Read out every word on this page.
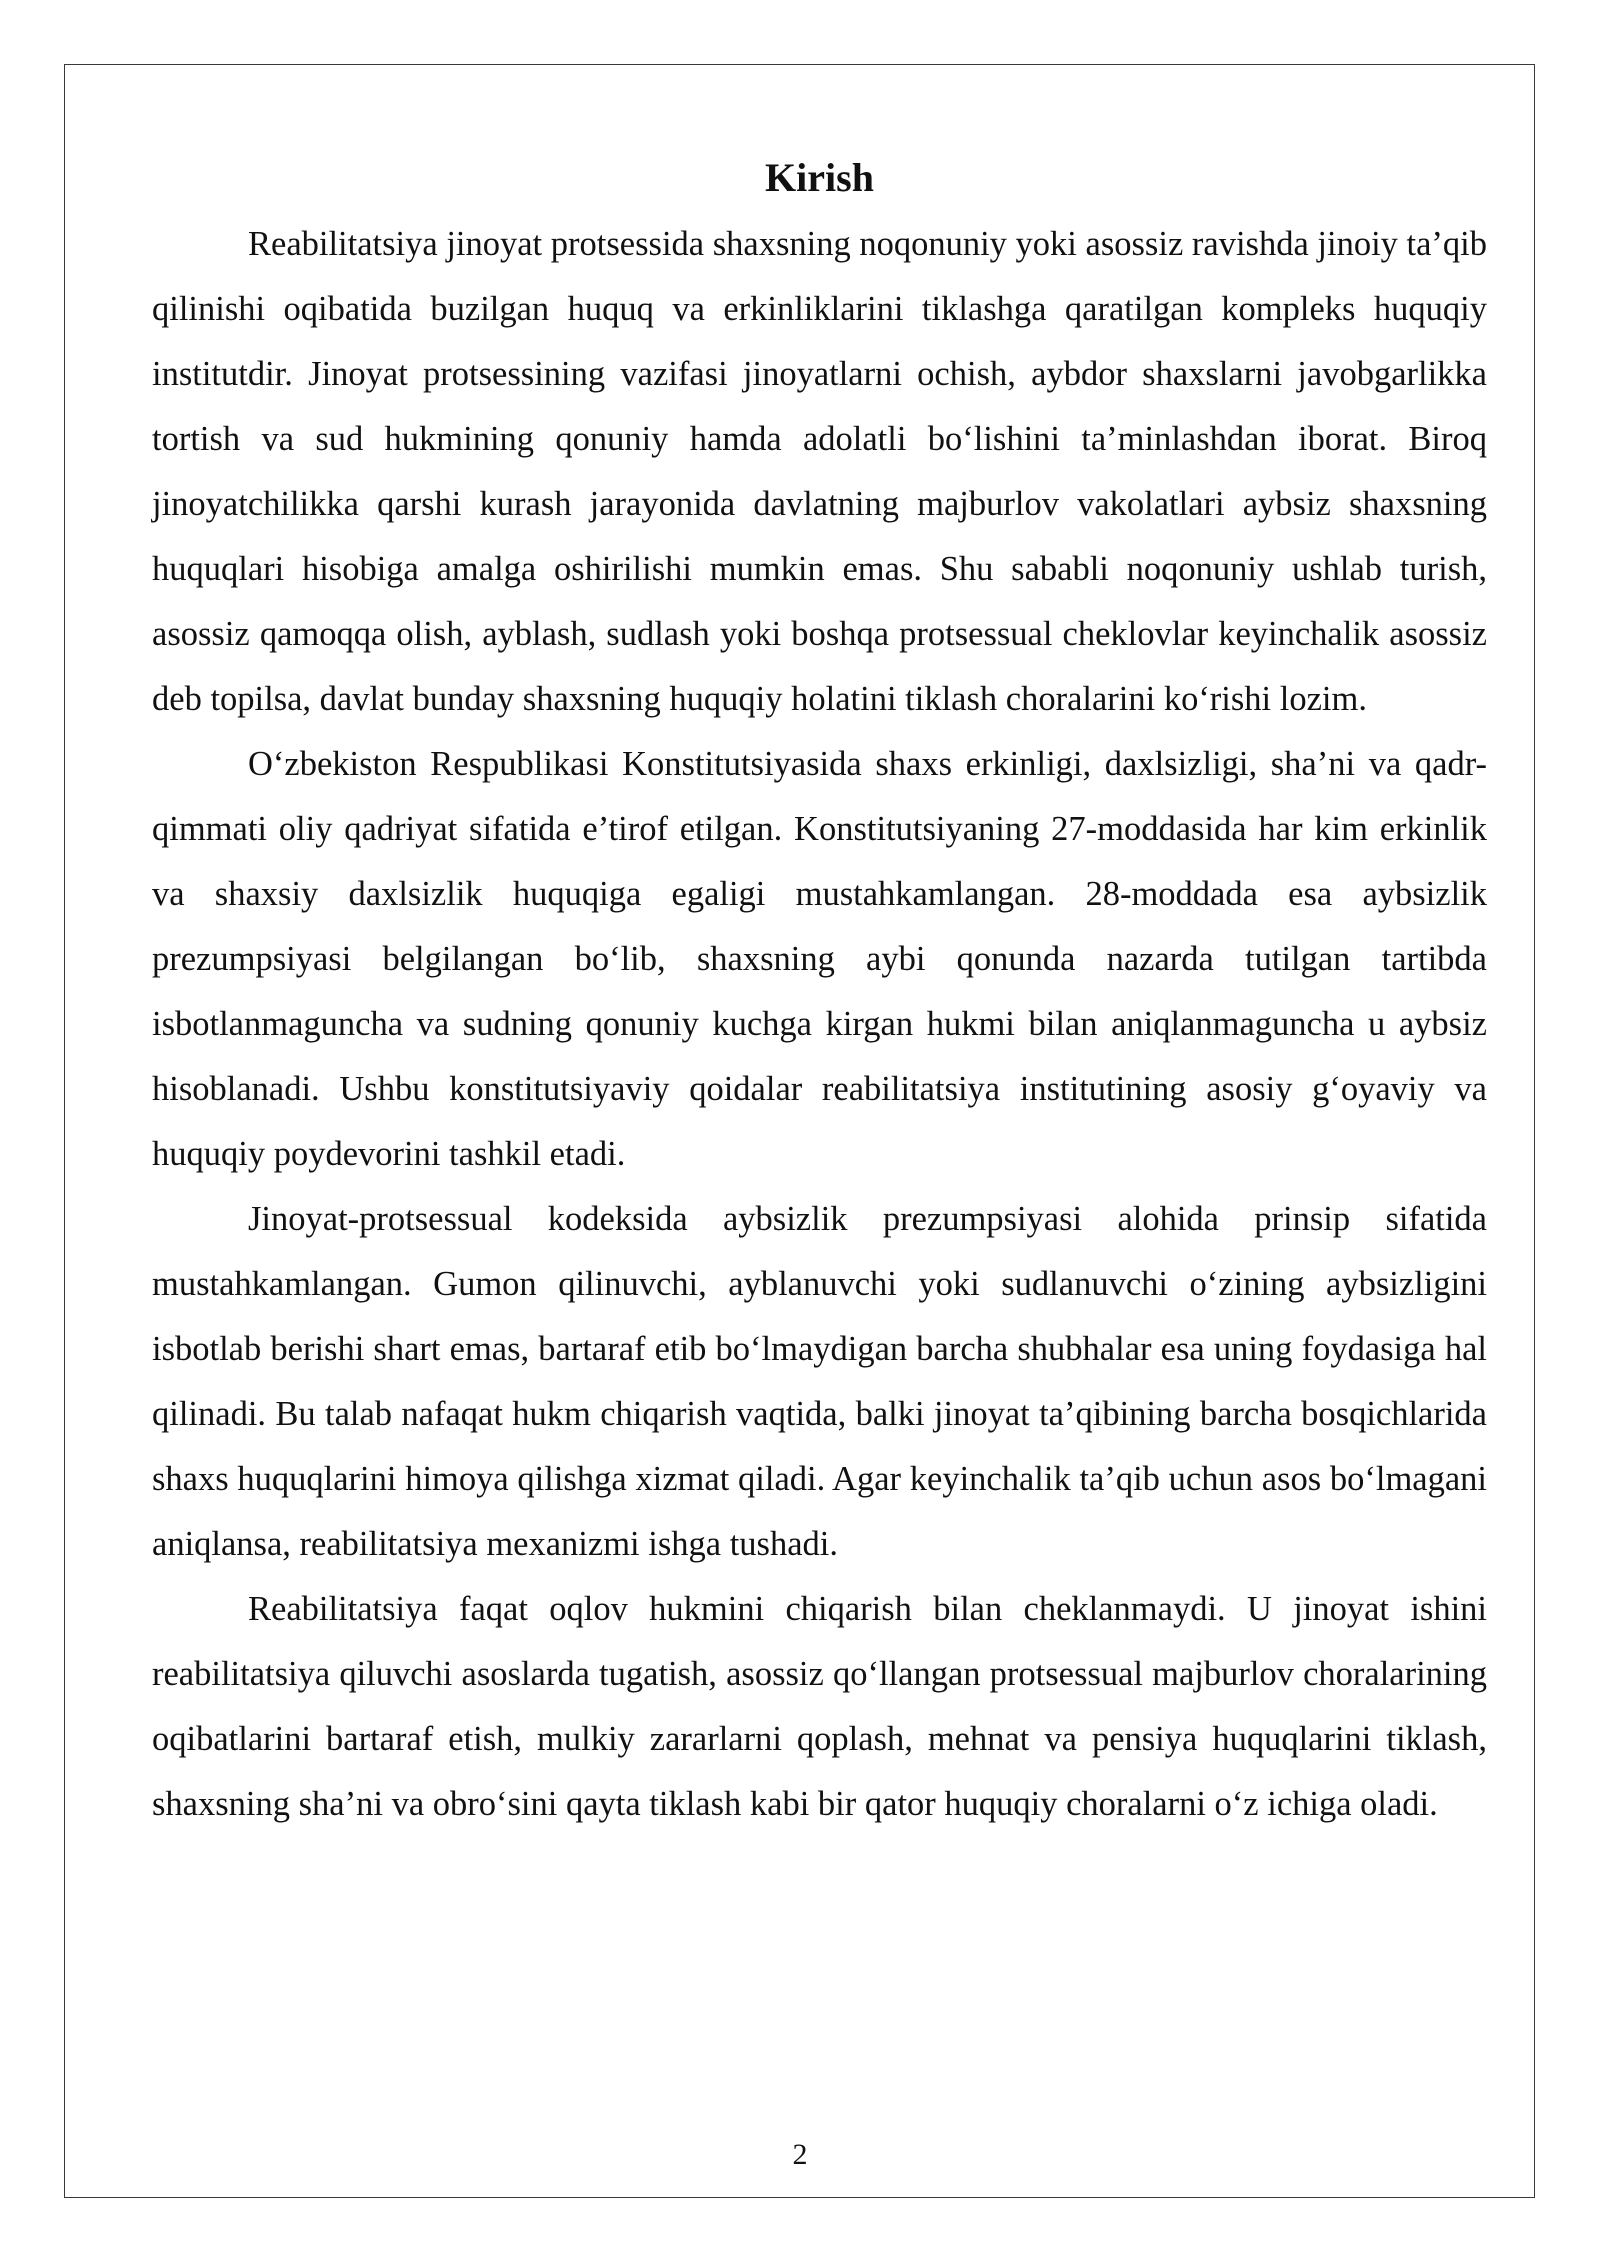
Kirish

Reabilitatsiya jinoyat protsessida shaxsning noqonuniy yoki asossiz ravishda jinoiy ta’qib qilinishi oqibatida buzilgan huquq va erkinliklarini tiklashga qaratilgan kompleks huquqiy institutdir. Jinoyat protsessining vazifasi jinoyatlarni ochish, aybdor shaxslarni javobgarlikka tortish va sud hukmining qonuniy hamda adolatli bo‘lishini ta’minlashdan iborat. Biroq jinoyatchilikka qarshi kurash jarayonida davlatning majburlov vakolatlari aybsiz shaxsning huquqlari hisobiga amalga oshirilishi mumkin emas. Shu sababli noqonuniy ushlab turish, asossiz qamoqqa olish, ayblash, sudlash yoki boshqa protsessual cheklovlar keyinchalik asossiz deb topilsa, davlat bunday shaxsning huquqiy holatini tiklash choralarini ko‘rishi lozim.

O‘zbekiston Respublikasi Konstitutsiyasida shaxs erkinligi, daxlsizligi, sha’ni va qadr-qimmati oliy qadriyat sifatida e’tirof etilgan. Konstitutsiyaning 27-moddasida har kim erkinlik va shaxsiy daxlsizlik huquqiga egaligi mustahkamlangan. 28-moddada esa aybsizlik prezumpsiyasi belgilangan bo‘lib, shaxsning aybi qonunda nazarda tutilgan tartibda isbotlanmaguncha va sudning qonuniy kuchga kirgan hukmi bilan aniqlanmaguncha u aybsiz hisoblanadi. Ushbu konstitutsiyaviy qoidalar reabilitatsiya institutining asosiy g‘oyaviy va huquqiy poydevorini tashkil etadi.

Jinoyat-protsessual kodeksida aybsizlik prezumpsiyasi alohida prinsip sifatida mustahkamlangan. Gumon qilinuvchi, ayblanuvchi yoki sudlanuvchi o‘zining aybsizligini isbotlab berishi shart emas, bartaraf etib bo‘lmaydigan barcha shubhalar esa uning foydasiga hal qilinadi. Bu talab nafaqat hukm chiqarish vaqtida, balki jinoyat ta’qibining barcha bosqichlarida shaxs huquqlarini himoya qilishga xizmat qiladi. Agar keyinchalik ta’qib uchun asos bo‘lmagani aniqlansa, reabilitatsiya mexanizmi ishga tushadi.

Reabilitatsiya faqat oqlov hukmini chiqarish bilan cheklanmaydi. U jinoyat ishini reabilitatsiya qiluvchi asoslarda tugatish, asossiz qo‘llangan protsessual majburlov choralarining oqibatlarini bartaraf etish, mulkiy zararlarni qoplash, mehnat va pensiya huquqlarini tiklash, shaxsning sha’ni va obro‘sini qayta tiklash kabi bir qator huquqiy choralarni o‘z ichiga oladi.

2
